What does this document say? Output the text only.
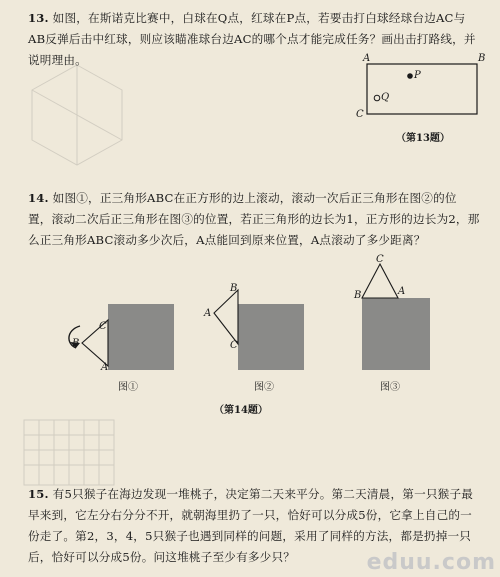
13. 如图，在斯诺克比赛中，白球在Q点，红球在P点，若要击打白球经球台边AC与AB反弹后击中红球，则应该瞄准球台边AC的哪个点才能完成任务？画出击打路线，并说明理由。	A	B
C
P
Q
（第13题）
14. 如图①，正三角形ABC在正方形的边上滚动，滚动一次后正三角形在图②的位置，滚动二次后正三角形在图③的位置，若正三角形的边长为1，正方形的边长为2，那么正三角形ABC滚动多少次后，A点能回到原来位置，A点滚动了多少距离？
C
B
A
图①
B
A
C
图②
C
B	A
图③
（第14题）
15. 有5只猴子在海边发现一堆桃子，决定第二天来平分。第二天清晨，第一只猴子最早来到，它左分右分分不开，就朝海里扔了一只，恰好可以分成5份，它拿上自己的一份走了。第2，3，4，5只猴子也遇到同样的问题，采用了同样的方法，都是扔掉一只后，恰好可以分成5份。问这堆桃子至少有多少只？	eduu.com
